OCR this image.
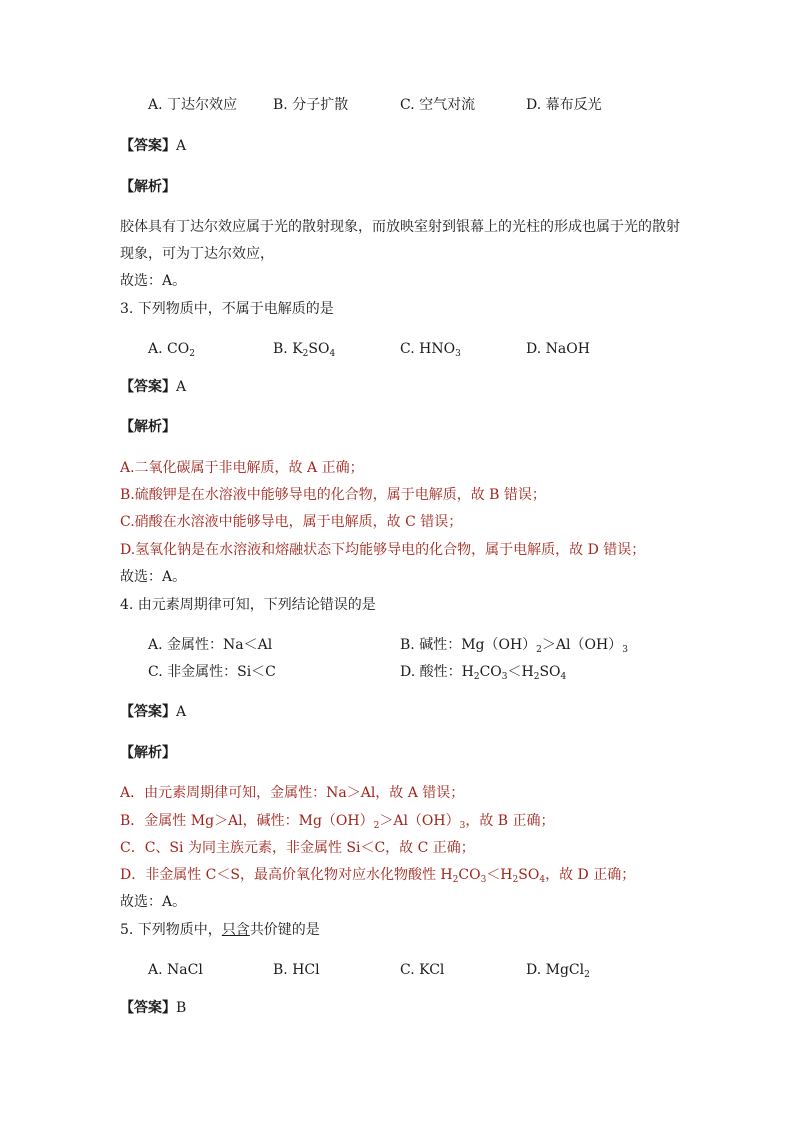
A. 丁达尔效应	B. 分子扩散	C. 空气对流	D. 幕布反光
【答案】A
【解析】
胶体具有丁达尔效应属于光的散射现象，而放映室射到银幕上的光柱的形成也属于光的散射
现象，可为丁达尔效应，
故选：A。
3. 下列物质中，不属于电解质的是
A. $CO_2$	B. $K_2SO_4$	C. $HNO_3$	D. NaOH
【答案】A
【解析】
A.二氧化碳属于非电解质，故 A 正确；
B.硫酸钾是在水溶液中能够导电的化合物，属于电解质，故 B 错误；
C.硝酸在水溶液中能够导电，属于电解质，故 C 错误；
D.氢氧化钠是在水溶液和熔融状态下均能够导电的化合物，属于电解质，故 D 错误；
故选：A。
4. 由元素周期律可知，下列结论错误的是
A. 金属性：Na＜Al	B. 碱性：$Mg(OH)_2>Al(OH)_3$
C. 非金属性：Si＜C	D. 酸性：$H_2CO_3<H_2SO_4$
【答案】A
【解析】
A．由元素周期律可知，金属性：Na＞Al，故 A 错误；
B．金属性 Mg＞Al，碱性：$Mg(OH)_2>Al(OH)_3$，故 B 正确；
C．C、Si 为同主族元素，非金属性 Si＜C，故 C 正确；
D．非金属性 C＜S，最高价氧化物对应水化物酸性 $H_2CO_3<H_2SO_4$，故 D 正确；
故选：A。
5. 下列物质中，只含共价键的是
A. NaCl	B. HCl	C. KCl	D. MgCl$_2$
【答案】B
